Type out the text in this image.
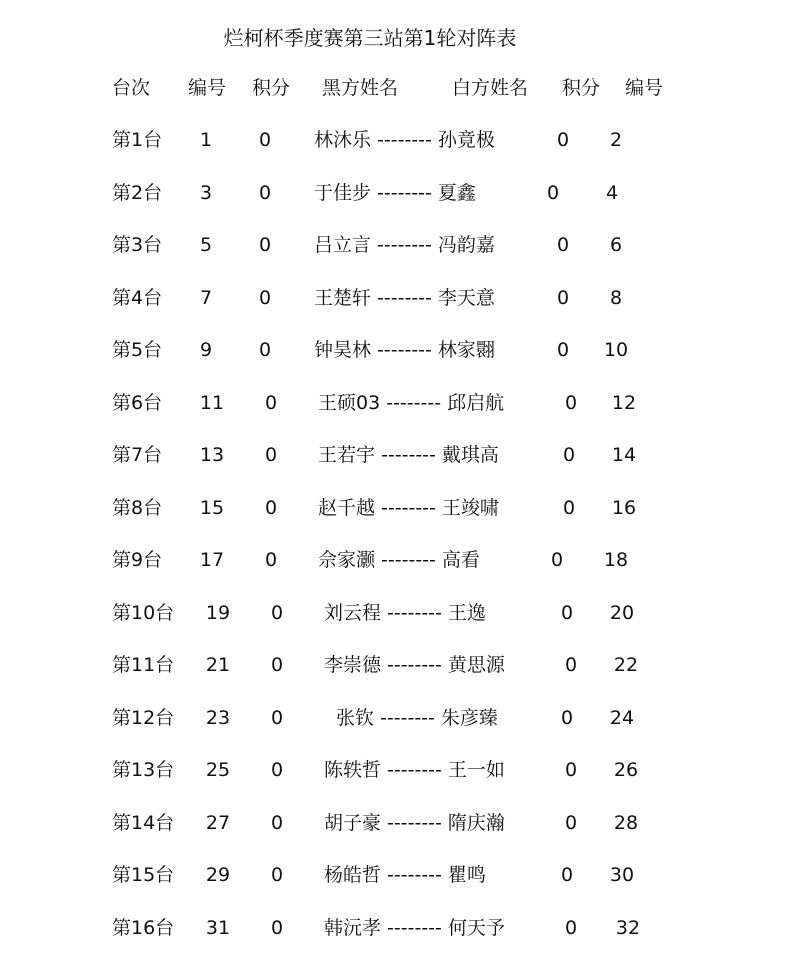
烂柯杯季度赛第三站第1轮对阵表
台次 编号 积分 黑方姓名	白方姓名 积分 编号
第1台 1 0 林沐乐 -------- 孙竟极	0 2
第2台 3 0 于佳步 -------- 夏鑫	0 4
第3台 5 0 吕立言 -------- 冯韵嘉	0 6
第4台 7 0 王楚轩 -------- 李天意	0 8
第5台 9 0 钟昊林 -------- 林家翾	0 10
第6台 11 0 王硕03 -------- 邱启航	0 12
第7台 13 0 王若宇 -------- 戴琪高	0 14
第8台 15 0 赵千越 -------- 王竣啸	0 16
第9台 17 0 佘家灏 -------- 高看	0 18
第10台 19 0 刘云程 -------- 王逸	0 20
第11台 21 0 李崇德 -------- 黄思源	0 22
第12台 23 0	张钦 -------- 朱彦臻	0 24
第13台 25 0 陈轶哲 -------- 王一如	0 26
第14台 27 0 胡子豪 -------- 隋庆瀚	0 28
第15台 29 0 杨皓哲 -------- 瞿鸣	0 30
第16台 31 0 韩沅孝 -------- 何天予	0 32
